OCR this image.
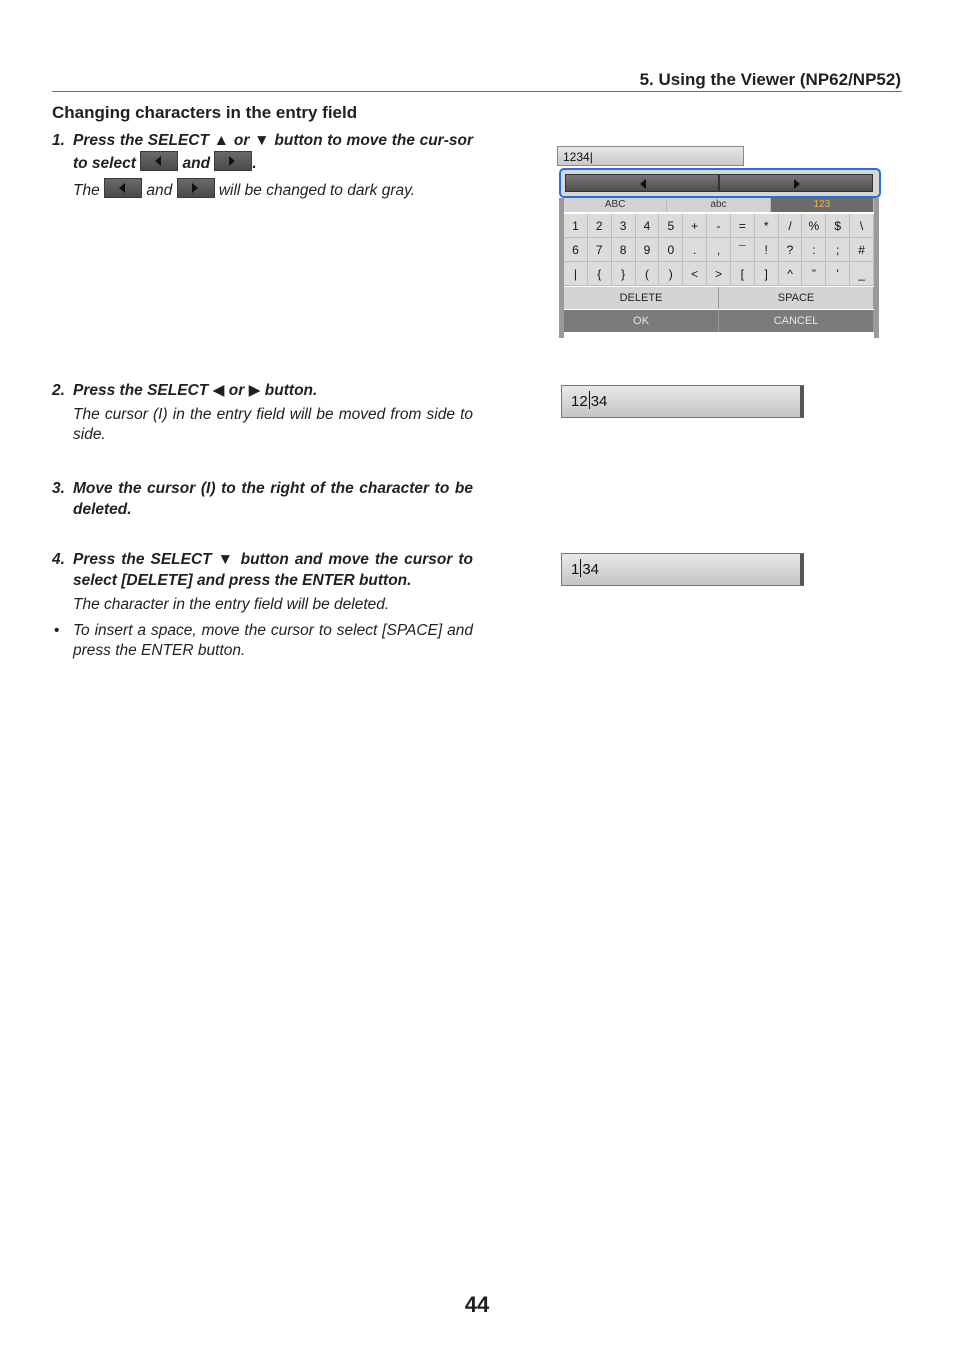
5. Using the Viewer (NP62/NP52)
Changing characters in the entry field
1. Press the SELECT ▲ or ▼ button to move the cur-sor to select	and	.
The	and	will be changed to dark gray.
1234|
ABC	abc	123
1	2	3	4	5	+	-	=	*	/	%	$	\
6	7	8	9	0	.	,	¯	!	?	:	;	#
|	{	}	(	)	<	>	[	]	^	”	'	_
DELETE	SPACE
OK	CANCEL
2. Press the SELECT ◀ or ▶ button.
The cursor (I) in the entry field will be moved from side to side.
12 34
3. Move the cursor (I) to the right of the character to be deleted.
4. Press the SELECT ▼ button and move the cursor to select [DELETE] and press the ENTER button.
The character in the entry field will be deleted.
1 34
• To insert a space, move the cursor to select [SPACE] and press the ENTER button.
44
